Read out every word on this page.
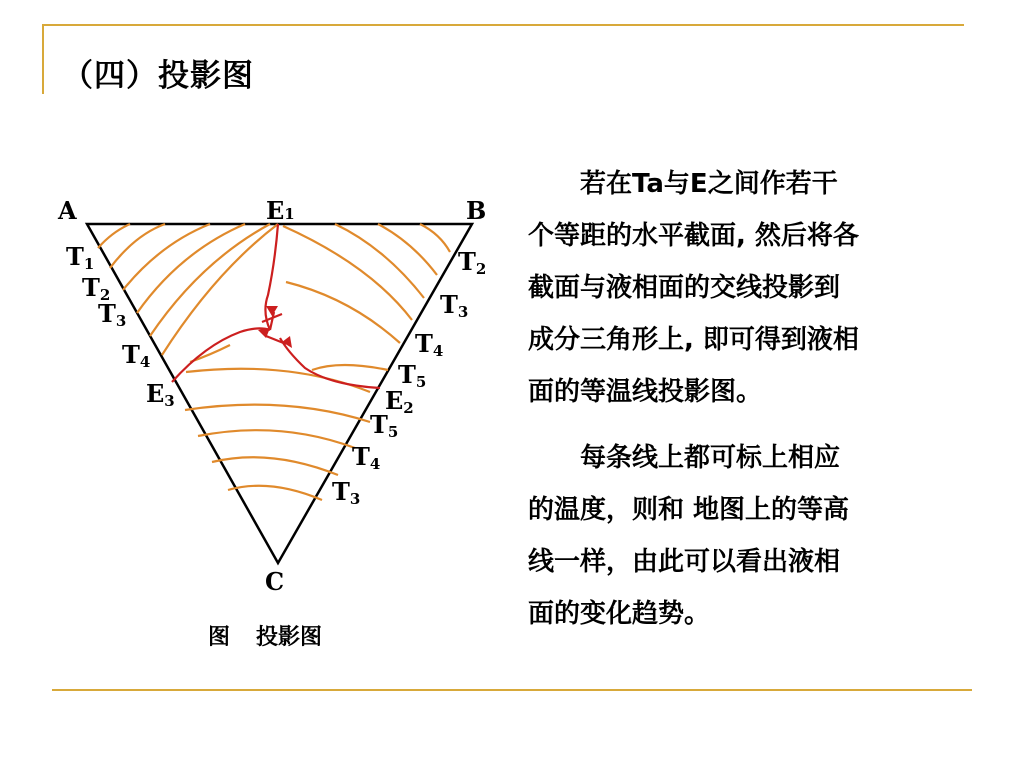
（四）投影图
A	B
C
E1
E2
E3
T1
T2
T3
T4
T2
T3
T4
T5
T5
T4
T3
图 投影图
　　若在Ta与E之间作若干
个等距的水平截面, 然后将各
截面与液相面的交线投影到
成分三角形上, 即可得到液相
面的等温线投影图。
　　每条线上都可标上相应
的温度，则和 地图上的等高
线一样，由此可以看出液相
面的变化趋势。
